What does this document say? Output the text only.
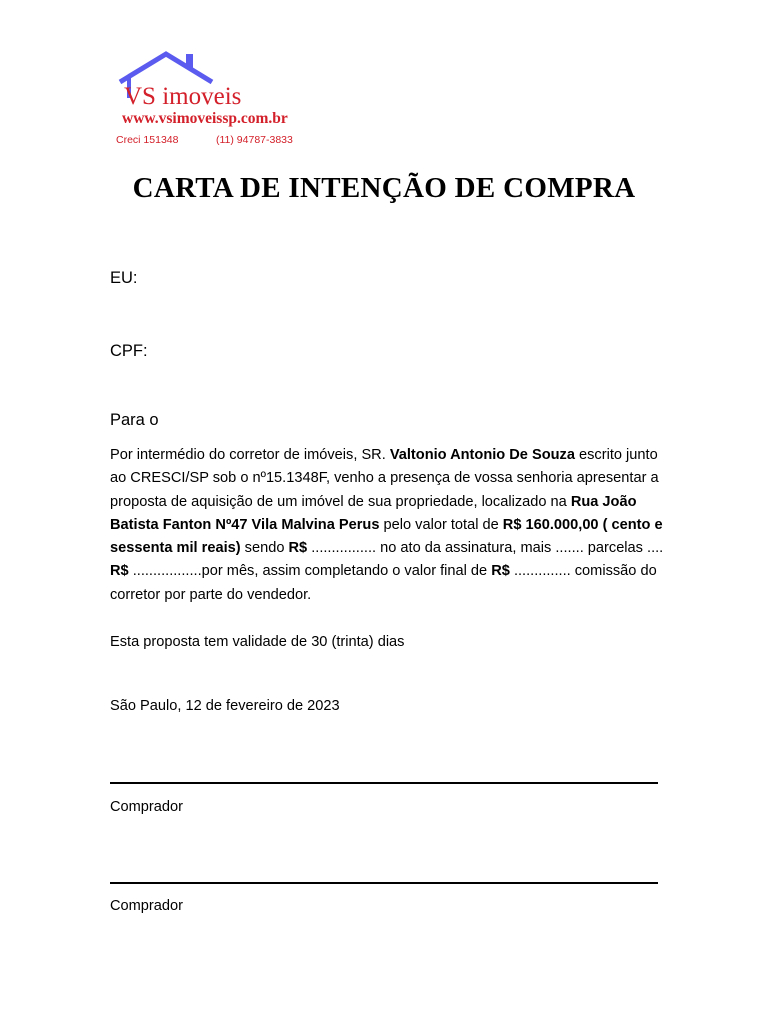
VS imoveis
www.vsimoveissp.com.br
Creci 151348	(11) 94787-3833
CARTA DE INTENÇÃO DE COMPRA
EU:
CPF:
Para o
Por intermédio do corretor de imóveis, SR. Valtonio Antonio De Souza escrito junto ao CRESCI/SP sob o nº15.1348F, venho a presença de vossa senhoria apresentar a proposta de aquisição de um imóvel de sua propriedade, localizado na Rua João Batista Fanton Nº47 Vila Malvina Perus pelo valor total de R$ 160.000,00 ( cento e sessenta mil reais) sendo R$ ................ no ato da assinatura, mais ....... parcelas .... R$ .................por mês, assim completando o valor final de R$ .............. comissão do corretor por parte do vendedor.
Esta proposta tem validade de 30 (trinta) dias
São Paulo, 12 de fevereiro de 2023
Comprador
Comprador
